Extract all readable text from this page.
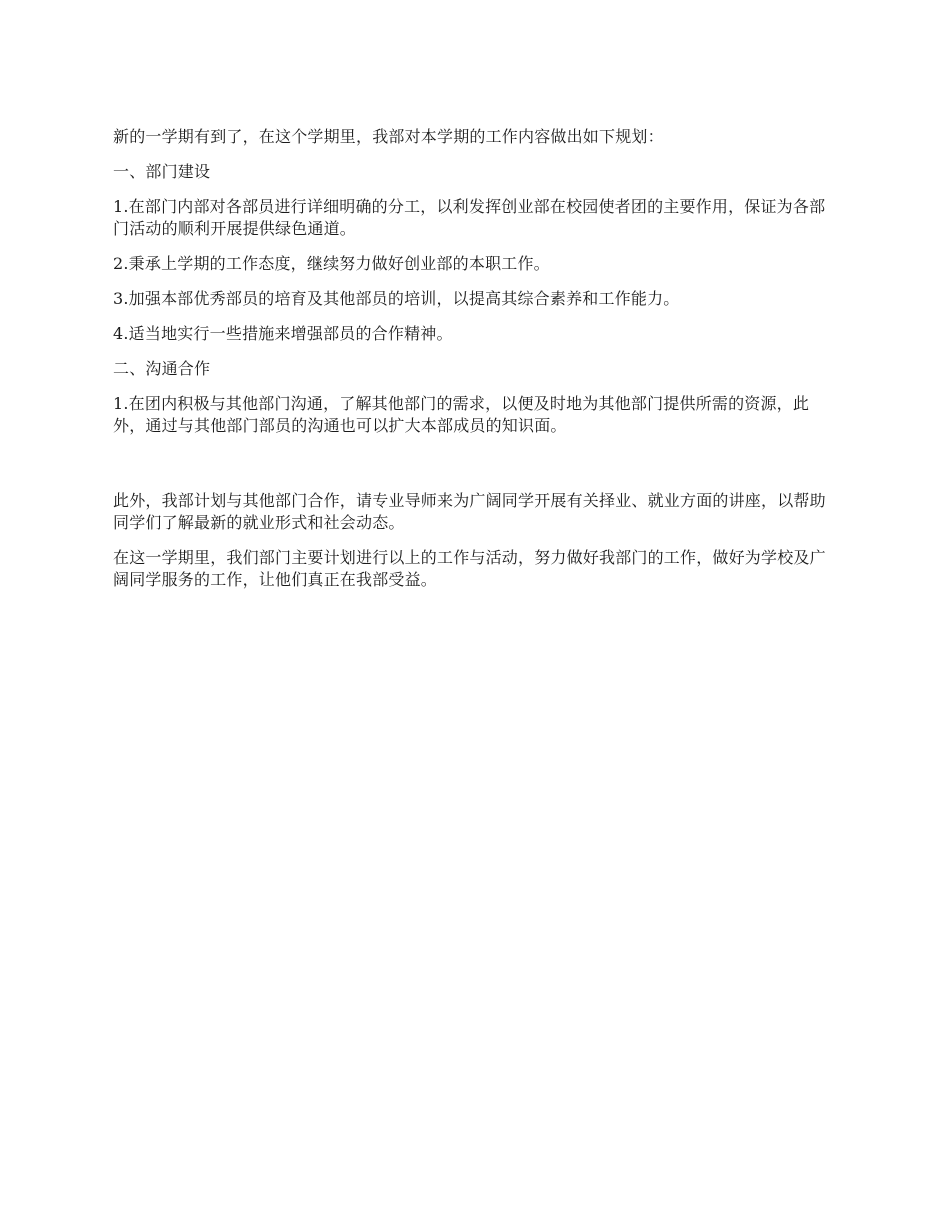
新的一学期有到了，在这个学期里，我部对本学期的工作内容做出如下规划：

一、部门建设

1.在部门内部对各部员进行详细明确的分工，以利发挥创业部在校园使者团的主要作用，保证为各部门活动的顺利开展提供绿色通道。

2.秉承上学期的工作态度，继续努力做好创业部的本职工作。

3.加强本部优秀部员的培育及其他部员的培训，以提高其综合素养和工作能力。

4.适当地实行一些措施来增强部员的合作精神。

二、沟通合作

1.在团内积极与其他部门沟通，了解其他部门的需求，以便及时地为其他部门提供所需的资源，此外，通过与其他部门部员的沟通也可以扩大本部成员的知识面。

此外，我部计划与其他部门合作，请专业导师来为广阔同学开展有关择业、就业方面的讲座，以帮助同学们了解最新的就业形式和社会动态。

在这一学期里，我们部门主要计划进行以上的工作与活动，努力做好我部门的工作，做好为学校及广阔同学服务的工作，让他们真正在我部受益。
